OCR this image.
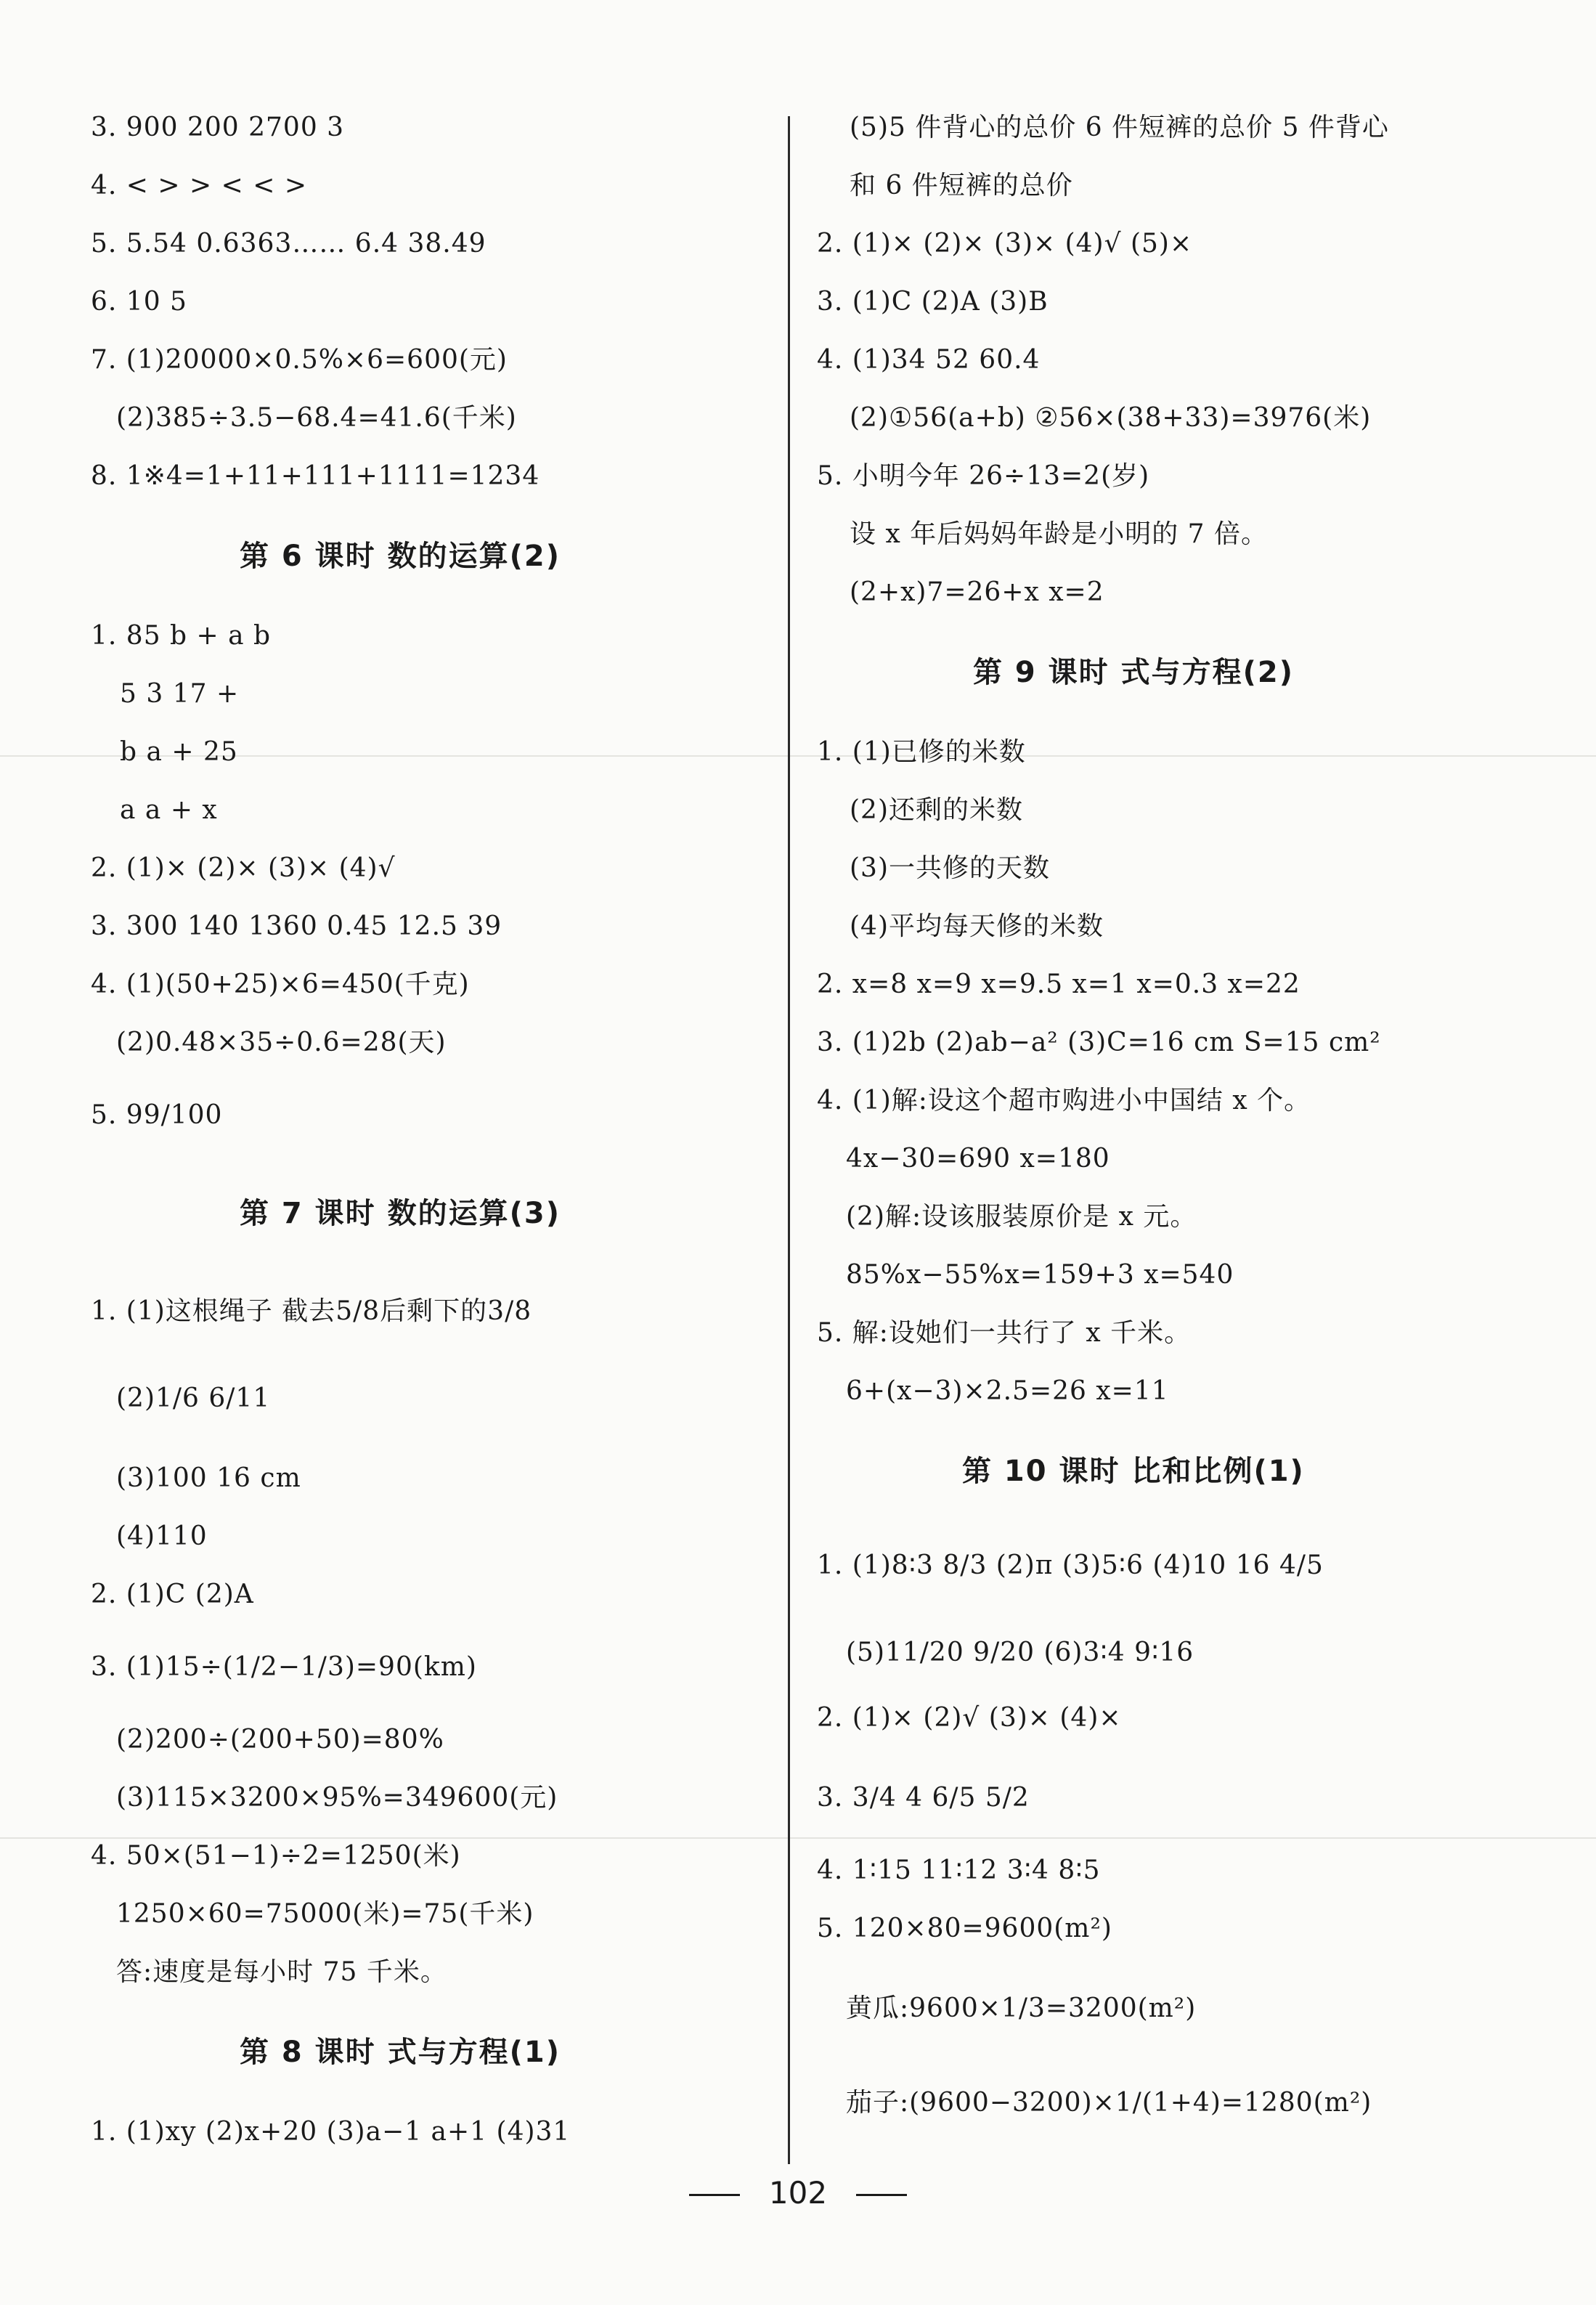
3. 900 200 2700 3
4. < > > < < >
5. 5.54 0.6363…… 6.4 38.49
6. 10 5
7. (1)20000×0.5%×6=600(元)
(2)385÷3.5−68.4=41.6(千米)
8. 1※4=1+11+111+1111=1234
第 6 课时 数的运算(2)
1. 85 b + a b
5 3 17 +
b a + 25
a a + x
2. (1)× (2)× (3)× (4)√
3. 300 140 1360 0.45 12.5 39
4. (1)(50+25)×6=450(千克)
(2)0.48×35÷0.6=28(天)
5. 99/100
第 7 课时 数的运算(3)
1. (1)这根绳子 截去5/8后剩下的3/8
(2)1/6 6/11
(3)100 16 cm
(4)110
2. (1)C (2)A
3. (1)15÷(1/2−1/3)=90(km)
(2)200÷(200+50)=80%
(3)115×3200×95%=349600(元)
4. 50×(51−1)÷2=1250(米)
1250×60=75000(米)=75(千米)
答:速度是每小时 75 千米。
第 8 课时 式与方程(1)
1. (1)xy (2)x+20 (3)a−1 a+1 (4)31
(5)5 件背心的总价 6 件短裤的总价 5 件背心
和 6 件短裤的总价
2. (1)× (2)× (3)× (4)√ (5)×
3. (1)C (2)A (3)B
4. (1)34 52 60.4
(2)①56(a+b) ②56×(38+33)=3976(米)
5. 小明今年 26÷13=2(岁)
设 x 年后妈妈年龄是小明的 7 倍。
(2+x)7=26+x x=2
第 9 课时 式与方程(2)
1. (1)已修的米数
(2)还剩的米数
(3)一共修的天数
(4)平均每天修的米数
2. x=8 x=9 x=9.5 x=1 x=0.3 x=22
3. (1)2b (2)ab−a² (3)C=16 cm S=15 cm²
4. (1)解:设这个超市购进小中国结 x 个。
4x−30=690 x=180
(2)解:设该服装原价是 x 元。
85%x−55%x=159+3 x=540
5. 解:设她们一共行了 x 千米。
6+(x−3)×2.5=26 x=11
第 10 课时 比和比例(1)
1. (1)8∶3 8/3 (2)π (3)5∶6 (4)10 16 4/5
(5)11/20 9/20 (6)3∶4 9∶16
2. (1)× (2)√ (3)× (4)×
3. 3/4 4 6/5 5/2
4. 1∶15 11∶12 3∶4 8∶5
5. 120×80=9600(m²)
黄瓜:9600×1/3=3200(m²)
茄子:(9600−3200)×1/(1+4)=1280(m²)
102
